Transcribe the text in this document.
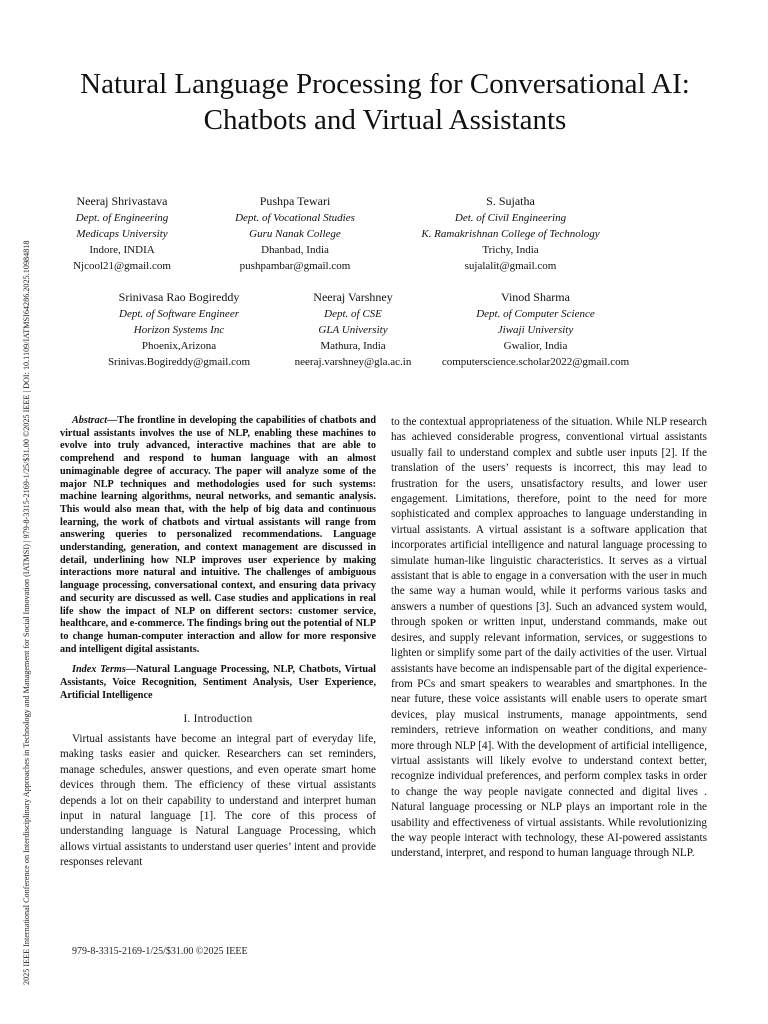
2025 IEEE International Conference on Interdisciplinary Approaches in Technology and Management for Social Innovation (IATMSI) | 979-8-3315-2169-1/25/$31.00 ©2025 IEEE | DOI: 10.1109/IATMSI64286.2025.10984818
Natural Language Processing for Conversational AI:
Chatbots and Virtual Assistants
Neeraj Shrivastava
Dept. of Engineering
Medicaps University
Indore, INDIA
Njcool21@gmail.com
Pushpa Tewari
Dept. of Vocational Studies
Guru Nanak College
Dhanbad, India
pushpambar@gmail.com
S. Sujatha
Det. of Civil Engineering
K. Ramakrishnan College of Technology
Trichy, India
sujalalit@gmail.com
Srinivasa Rao Bogireddy
Dept. of Software Engineer
Horizon Systems Inc
Phoenix,Arizona
Srinivas.Bogireddy@gmail.com
Neeraj Varshney
Dept. of CSE
GLA University
Mathura, India
neeraj.varshney@gla.ac.in
Vinod Sharma
Dept. of Computer Science
Jiwaji University
Gwalior, India
computerscience.scholar2022@gmail.com

Abstract—The frontline in developing the capabilities of chatbots and virtual assistants involves the use of NLP, enabling these machines to evolve into truly advanced, interactive machines that are able to comprehend and respond to human language with an almost unimaginable degree of accuracy. The paper will analyze some of the major NLP techniques and methodologies used for such systems: machine learning algorithms, neural networks, and semantic analysis. This would also mean that, with the help of big data and continuous learning, the work of chatbots and virtual assistants will range from answering queries to personalized recommendations. Language understanding, generation, and context management are discussed in detail, underlining how NLP improves user experience by making interactions more natural and intuitive. The challenges of ambiguous language processing, conversational context, and ensuring data privacy and security are discussed as well. Case studies and applications in real life show the impact of NLP on different sectors: customer service, healthcare, and e-commerce. The findings bring out the potential of NLP to change human-computer interaction and allow for more responsive and intelligent digital assistants.

Index Terms—Natural Language Processing, NLP, Chatbots, Virtual Assistants, Voice Recognition, Sentiment Analysis, User Experience, Artificial Intelligence

I. Introduction

Virtual assistants have become an integral part of everyday life, making tasks easier and quicker. Researchers can set reminders, manage schedules, answer questions, and even operate smart home devices through them. The efficiency of these virtual assistants depends a lot on their capability to understand and interpret human input in natural language [1]. The core of this process of understanding language is Natural Language Processing, which allows virtual assistants to understand user queries’ intent and provide responses relevant

to the contextual appropriateness of the situation. While NLP research has achieved considerable progress, conventional virtual assistants usually fail to understand complex and subtle user inputs [2]. If the translation of the users’ requests is incorrect, this may lead to frustration for the users, unsatisfactory results, and lower user engagement. Limitations, therefore, point to the need for more sophisticated and complex approaches to language understanding in virtual assistants. A virtual assistant is a software application that incorporates artificial intelligence and natural language processing to simulate human-like linguistic characteristics. It serves as a virtual assistant that is able to engage in a conversation with the user in much the same way a human would, while it performs various tasks and answers a number of questions [3]. Such an advanced system would, through spoken or written input, understand commands, make out desires, and supply relevant information, services, or suggestions to lighten or simplify some part of the daily activities of the user. Virtual assistants have become an indispensable part of the digital experience-from PCs and smart speakers to wearables and smartphones. In the near future, these voice assistants will enable users to operate smart devices, play musical instruments, manage appointments, send reminders, retrieve information on weather conditions, and many more through NLP [4]. With the development of artificial intelligence, virtual assistants will likely evolve to understand context better, recognize individual preferences, and perform complex tasks in order to change the way people navigate connected and digital lives . Natural language processing or NLP plays an important role in the usability and effectiveness of virtual assistants. While revolutionizing the way people interact with technology, these AI-powered assistants understand, interpret, and respond to human language through NLP.

979-8-3315-2169-1/25/$31.00 ©2025 IEEE
